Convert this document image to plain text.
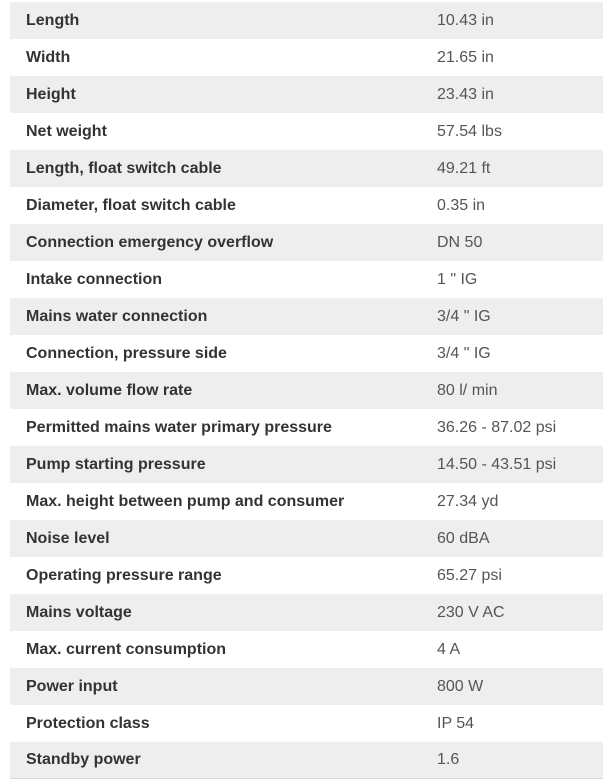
Length	10.43 in
Width	21.65 in
Height	23.43 in
Net weight	57.54 lbs
Length, float switch cable	49.21 ft
Diameter, float switch cable	0.35 in
Connection emergency overflow	DN 50
Intake connection	1 " IG
Mains water connection	3/4 " IG
Connection, pressure side	3/4 " IG
Max. volume flow rate	80 l/ min
Permitted mains water primary pressure	36.26 - 87.02 psi
Pump starting pressure	14.50 - 43.51 psi
Max. height between pump and consumer	27.34 yd
Noise level	60 dBA
Operating pressure range	65.27 psi
Mains voltage	230 V AC
Max. current consumption	4 A
Power input	800 W
Protection class	IP 54
Standby power	1.6
